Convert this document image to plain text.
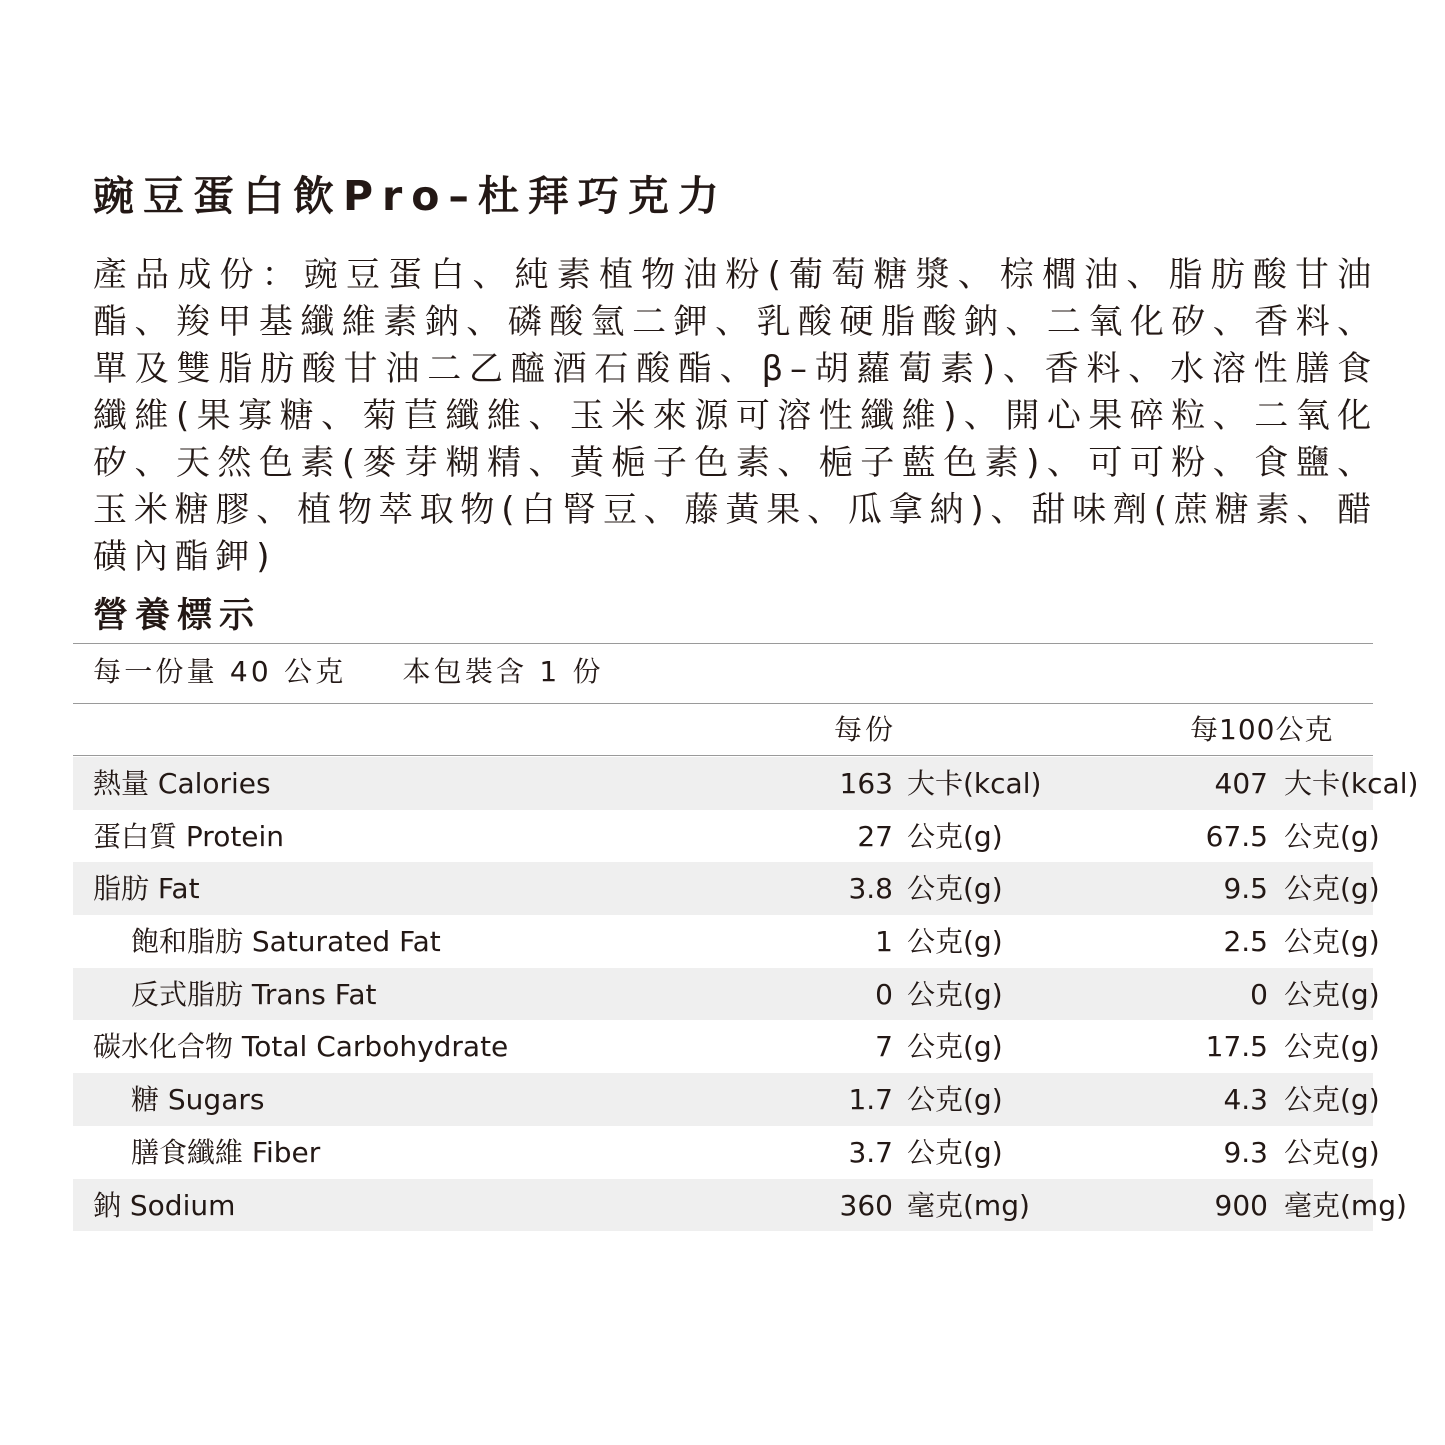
豌豆蛋白飲Pro–杜拜巧克力
產品成份：豌豆蛋白、純素植物油粉(葡萄糖漿、棕櫚油、脂肪酸甘油酯、羧甲基纖維素鈉、磷酸氫二鉀、乳酸硬脂酸鈉、二氧化矽、香料、單及雙脂肪酸甘油二乙醯酒石酸酯、β–胡蘿蔔素)、香料、水溶性膳食纖維(果寡糖、菊苣纖維、玉米來源可溶性纖維)、開心果碎粒、二氧化矽、天然色素(麥芽糊精、黃梔子色素、梔子藍色素)、可可粉、食鹽、玉米糖膠、植物萃取物(白腎豆、藤黃果、瓜拿納)、甜味劑(蔗糖素、醋磺內酯鉀)
營養標示
每一份量 40 公克 本包裝含 1 份
每份	每100公克
熱量 Calories	163 大卡(kcal)	407 大卡(kcal)
蛋白質 Protein	27 公克(g)	67.5 公克(g)
脂肪 Fat	3.8 公克(g)	9.5 公克(g)
飽和脂肪 Saturated Fat	1 公克(g)	2.5 公克(g)
反式脂肪 Trans Fat	0 公克(g)	0 公克(g)
碳水化合物 Total Carbohydrate	7 公克(g)	17.5 公克(g)
糖 Sugars	1.7 公克(g)	4.3 公克(g)
膳食纖維 Fiber	3.7 公克(g)	9.3 公克(g)
鈉 Sodium	360 毫克(mg)	900 毫克(mg)
